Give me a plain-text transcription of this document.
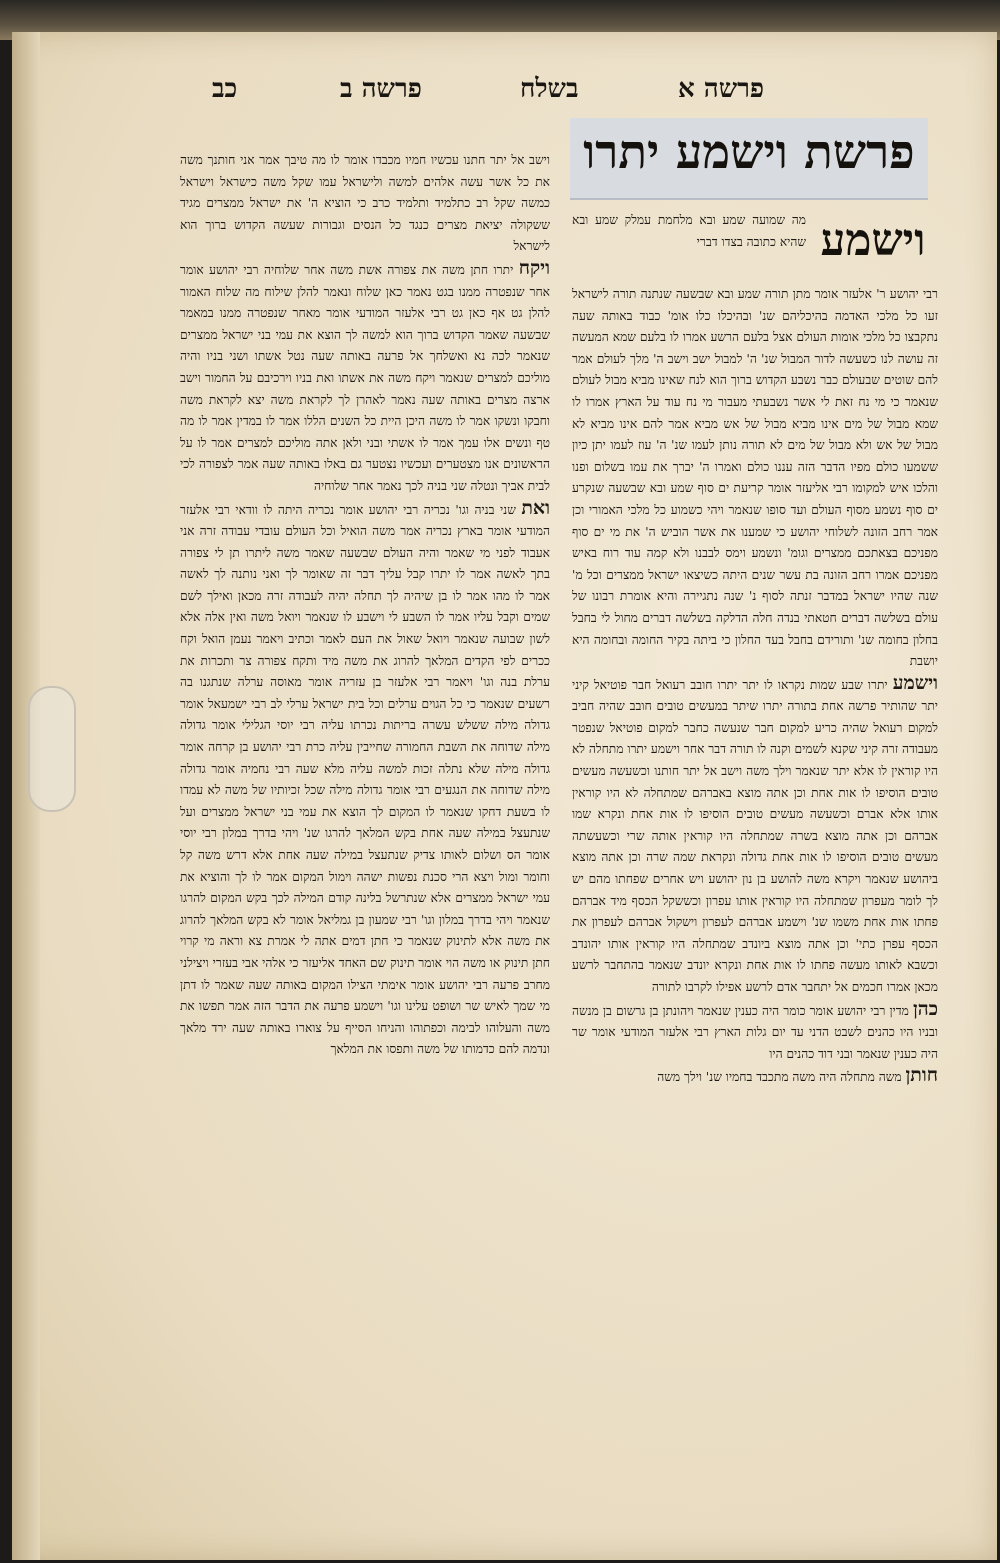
פרשה א
בשלח
פרשה ב
כב
פרשת וישמע יתרו
וישמע

מה שמועה שמע ובא מלחמת עמלק שמע ובא שהיא כתובה בצדו דברי

רבי יהושע ר' אלעזר אומר מתן תורה שמע ובא שבשעה שנתנה תורה לישראל זעו כל מלכי האדמה בהיכליהם שנ' ובהיכלו כלו אומ' כבוד באותה שעה נתקבצו כל מלכי אומות העולם אצל בלעם הרשע אמרו לו בלעם שמא המעשה זה עושה לנו כשעשה לדור המבול שנ' ה' למבול ישב וישב ה' מלך לעולם אמר להם שוטים שבעולם כבר נשבע הקדוש ברוך הוא לנח שאינו מביא מבול לעולם שנאמר כי מי נח זאת לי אשר נשבעתי מעבור מי נח עוד על הארץ אמרו לו שמא מבול של מים אינו מביא מבול של אש מביא אמר להם אינו מביא לא מבול של אש ולא מבול של מים לא תורה נותן לעמו שנ' ה' עוז לעמו יתן כיון ששמעו כולם מפיו הדבר הזה עננו כולם ואמרו ה' יברך את עמו בשלום ופנו והלכו איש למקומו רבי אליעזר אומר קריעת ים סוף שמע ובא שבשעה שנקרע ים סוף נשמע מסוף העולם ועד סופו שנאמר ויהי כשמוע כל מלכי האמורי וכן אמר רחב הזונה לשלוחי יהושע כי שמענו את אשר הוביש ה' את מי ים סוף מפניכם בצאתכם ממצרים וגומ' ונשמע וימס לבבנו ולא קמה עוד רוח באיש מפניכם אמרו רחב הזונה בת עשר שנים היתה כשיצאו ישראל ממצרים וכל מ' שנה שהיו ישראל במדבר זנתה לסוף נ' שנה נתגיירה והיא אומרת רבונו של עולם בשלשה דברים חטאתי בנדה חלה הדלקה בשלשה דברים מחול לי בחבל בחלון בחומה שנ' ותורידם בחבל בעד החלון כי ביתה בקיר החומה ובחומה היא יושבת

וישמע יתרו שבע שמות נקראו לו יתר יתרו חובב רעואל חבר פוטיאל קיני יתר שהותיר פרשה אחת בתורה יתרו שיתר במעשים טובים חובב שהיה חביב למקום רעואל שהיה כריע למקום חבר שנעשה כחבר למקום פוטיאל שנפטר מעבודה זרה קיני שקנא לשמים וקנה לו תורה דבר אחר וישמע יתרו מתחלה לא היו קוראין לו אלא יתר שנאמר וילך משה וישב אל יתר חותנו וכשעשה מעשים טובים הוסיפו לו אות אחת וכן אתה מוצא באברהם שמתחלה לא היו קוראין אותו אלא אברם וכשעשה מעשים טובים הוסיפו לו אות אחת ונקרא שמו אברהם וכן אתה מוצא בשרה שמתחלה היו קוראין אותה שרי וכשעשתה מעשים טובים הוסיפו לו אות אחת גדולה ונקראת שמה שרה וכן אתה מוצא ביהושע שנאמר ויקרא משה להושע בן נון יהושע ויש אחרים שפחתו מהם יש לך לומר מעפרון שמתחלה היו קוראין אותו עפרון וכששקל הכסף מיד אברהם פחתו אות אחת משמו שנ' וישמע אברהם לעפרון וישקול אברהם לעפרון את הכסף עפרן כתי' וכן אתה מוצא ביונדב שמתחלה היו קוראין אותו יהונדב וכשבא לאותו מעשה פחתו לו אות אחת ונקרא יונדב שנאמר בהתחבר לרשע מכאן אמרו חכמים אל יתחבר אדם לרשע אפילו לקרבו לתורה

כהן מדין רבי יהושע אומר כומר היה כענין שנאמר ויהונתן בן גרשום בן מנשה ובניו היו כהנים לשבט הדני עד יום גלות הארץ רבי אלעזר המודעי אומר שר היה כענין שנאמר ובני דוד כהנים היו

חותן משה מתחלה היה משה מתכבד בחמיו שנ' וילך משה

וישב אל יתר חתנו עכשיו חמיו מכבדו אומר לו מה טיבך אמר אני חותנך משה את כל אשר עשה אלהים למשה ולישראל עמו שקל משה כישראל וישראל כמשה שקל רב כתלמיד ותלמיד כרב כי הוציא ה' את ישראל ממצרים מגיד ששקולה יציאת מצרים כנגד כל הנסים וגבורות שעשה הקדוש ברוך הוא לישראל

ויקח יתרו חתן משה את צפורה אשת משה אחר שלוחיה רבי יהושע אומר אחר שנפטרה ממנו בגט נאמר כאן שלוח ונאמר להלן שילוח מה שלוח האמור להלן גט אף כאן גט רבי אלעזר המודעי אומר מאחר שנפטרה ממנו במאמר שבשעה שאמר הקדוש ברוך הוא למשה לך הוצא את עמי בני ישראל ממצרים שנאמר לכה נא ואשלחך אל פרעה באותה שעה נטל אשתו ושני בניו והיה מוליכם למצרים שנאמר ויקח משה את אשתו ואת בניו וירכיבם על החמור וישב ארצה מצרים באותה שעה נאמר לאהרן לך לקראת משה יצא לקראת משה וחבקו ונשקו אמר לו משה היכן היית כל השנים הללו אמר לו במדין אמר לו מה טף ונשים אלו עמך אמר לו אשתי ובני ולאן אתה מוליכם למצרים אמר לו על הראשונים אנו מצטערים ועכשיו נצטער גם באלו באותה שעה אמר לצפורה לכי לבית אביך ונטלה שני בניה לכך נאמר אחר שלוחיה

ואת שני בניה וגו' נכריה רבי יהושע אומר נכריה היתה לו וודאי רבי אלעזר המודעי אומר בארץ נכריה אמר משה הואיל וכל העולם עובדי עבודה זרה אני אעבוד לפני מי שאמר והיה העולם שבשעה שאמר משה ליתרו תן לי צפורה בתך לאשה אמר לו יתרו קבל עליך דבר זה שאומר לך ואני נותנה לך לאשה אמר לו מהו אמר לו בן שיהיה לך תחלה יהיה לעבודה זרה מכאן ואילך לשם שמים וקבל עליו אמר לו השבע לי וישבע לו שנאמר ויואל משה ואין אלה אלא לשון שבועה שנאמר ויואל שאול את העם לאמר וכתיב ויאמר נעמן הואל וקח ככרים לפי הקדים המלאך להרוג את משה מיד ותקח צפורה צר ותכרות את ערלת בנה וגו' ויאמר רבי אלעזר בן עזריה אומר מאוסה ערלה שנתגנו בה רשעים שנאמר כי כל הגוים ערלים וכל בית ישראל ערלי לב רבי ישמעאל אומר גדולה מילה ששלש עשרה בריתות נכרתו עליה רבי יוסי הגלילי אומר גדולה מילה שדוחה את השבת החמורה שחייבין עליה כרת רבי יהושע בן קרחה אומר גדולה מילה שלא נתלה זכות למשה עליה מלא שעה רבי נחמיה אומר גדולה מילה שדוחה את הנגעים רבי אומר גדולה מילה שכל זכיותיו של משה לא עמדו לו בשעת דחקו שנאמר לו המקום לך הוצא את עמי בני ישראל ממצרים ועל שנתעצל במילה שעה אחת בקש המלאך להרגו שנ' ויהי בדרך במלון רבי יוסי אומר הס ושלום לאותו צדיק שנתעצל במילה שעה אחת אלא דרש משה קל וחומר ומול ויצא הרי סכנת נפשות ישהה וימול המקום אמר לו לך והוציא את עמי ישראל ממצרים אלא שנתרשל בלינה קודם המילה לכך בקש המקום להרגו שנאמר ויהי בדרך במלון וגו' רבי שמעון בן גמליאל אומר לא בקש המלאך להרוג את משה אלא לתינוק שנאמר כי חתן דמים אתה לי אמרת צא וראה מי קרוי חתן תינוק או משה הוי אומר תינוק שם האחד אליעזר כי אלהי אבי בעזרי ויצילני מחרב פרעה רבי יהושע אומר אימתי הצילו המקום באותה שעה שאמר לו דתן מי שמך לאיש שר ושופט עלינו וגו' וישמע פרעה את הדבר הזה אמר תפשו את משה והעלוהו לבימה וכפתוהו והניחו הסייף על צוארו באותה שעה ירד מלאך ונדמה להם כדמותו של משה ותפסו את המלאך
